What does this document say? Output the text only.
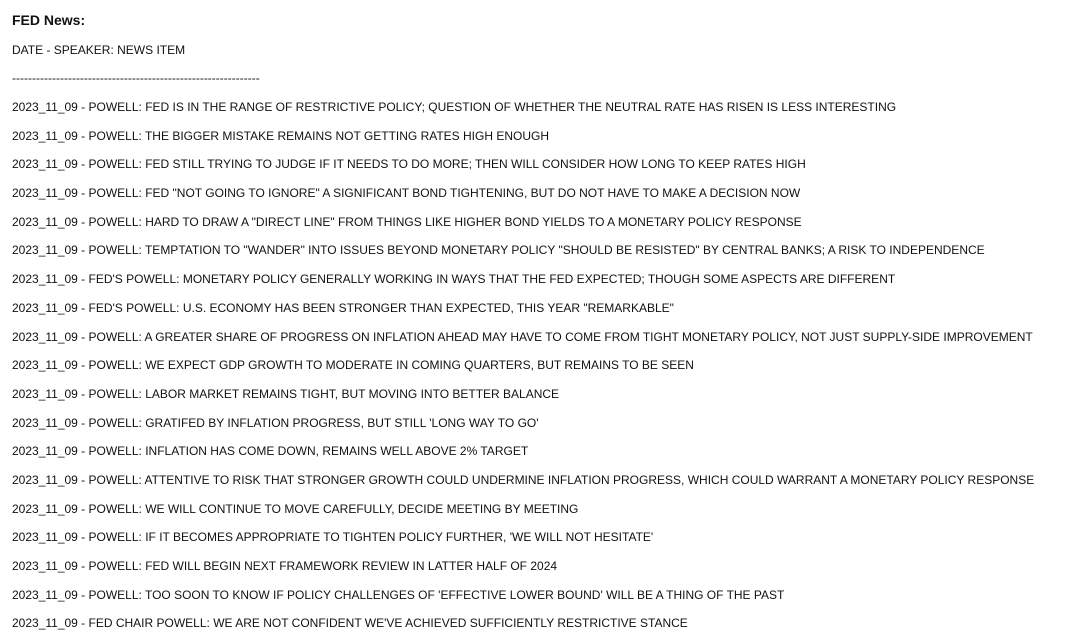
FED News:
DATE - SPEAKER: NEWS ITEM
--------------------------------------------------------------
2023_11_09 - POWELL: FED IS IN THE RANGE OF RESTRICTIVE POLICY; QUESTION OF WHETHER THE NEUTRAL RATE HAS RISEN IS LESS INTERESTING
2023_11_09 - POWELL: THE BIGGER MISTAKE REMAINS NOT GETTING RATES HIGH ENOUGH
2023_11_09 - POWELL: FED STILL TRYING TO JUDGE IF IT NEEDS TO DO MORE; THEN WILL CONSIDER HOW LONG TO KEEP RATES HIGH
2023_11_09 - POWELL: FED "NOT GOING TO IGNORE" A SIGNIFICANT BOND TIGHTENING, BUT DO NOT HAVE TO MAKE A DECISION NOW
2023_11_09 - POWELL: HARD TO DRAW A "DIRECT LINE" FROM THINGS LIKE HIGHER BOND YIELDS TO A MONETARY POLICY RESPONSE
2023_11_09 - POWELL: TEMPTATION TO "WANDER" INTO ISSUES BEYOND MONETARY POLICY "SHOULD BE RESISTED" BY CENTRAL BANKS; A RISK TO INDEPENDENCE
2023_11_09 - FED'S POWELL: MONETARY POLICY GENERALLY WORKING IN WAYS THAT THE FED EXPECTED; THOUGH SOME ASPECTS ARE DIFFERENT
2023_11_09 - FED'S POWELL: U.S. ECONOMY HAS BEEN STRONGER THAN EXPECTED, THIS YEAR "REMARKABLE"
2023_11_09 - POWELL: A GREATER SHARE OF PROGRESS ON INFLATION AHEAD MAY HAVE TO COME FROM TIGHT MONETARY POLICY, NOT JUST SUPPLY-SIDE IMPROVEMENT
2023_11_09 - POWELL: WE EXPECT GDP GROWTH TO MODERATE IN COMING QUARTERS, BUT REMAINS TO BE SEEN
2023_11_09 - POWELL: LABOR MARKET REMAINS TIGHT, BUT MOVING INTO BETTER BALANCE
2023_11_09 - POWELL: GRATIFED BY INFLATION PROGRESS, BUT STILL 'LONG WAY TO GO'
2023_11_09 - POWELL: INFLATION HAS COME DOWN, REMAINS WELL ABOVE 2% TARGET
2023_11_09 - POWELL: ATTENTIVE TO RISK THAT STRONGER GROWTH COULD UNDERMINE INFLATION PROGRESS, WHICH COULD WARRANT A MONETARY POLICY RESPONSE
2023_11_09 - POWELL: WE WILL CONTINUE TO MOVE CAREFULLY, DECIDE MEETING BY MEETING
2023_11_09 - POWELL: IF IT BECOMES APPROPRIATE TO TIGHTEN POLICY FURTHER, 'WE WILL NOT HESITATE'
2023_11_09 - POWELL: FED WILL BEGIN NEXT FRAMEWORK REVIEW IN LATTER HALF OF 2024
2023_11_09 - POWELL: TOO SOON TO KNOW IF POLICY CHALLENGES OF 'EFFECTIVE LOWER BOUND' WILL BE A THING OF THE PAST
2023_11_09 - FED CHAIR POWELL: WE ARE NOT CONFIDENT WE'VE ACHIEVED SUFFICIENTLY RESTRICTIVE STANCE
